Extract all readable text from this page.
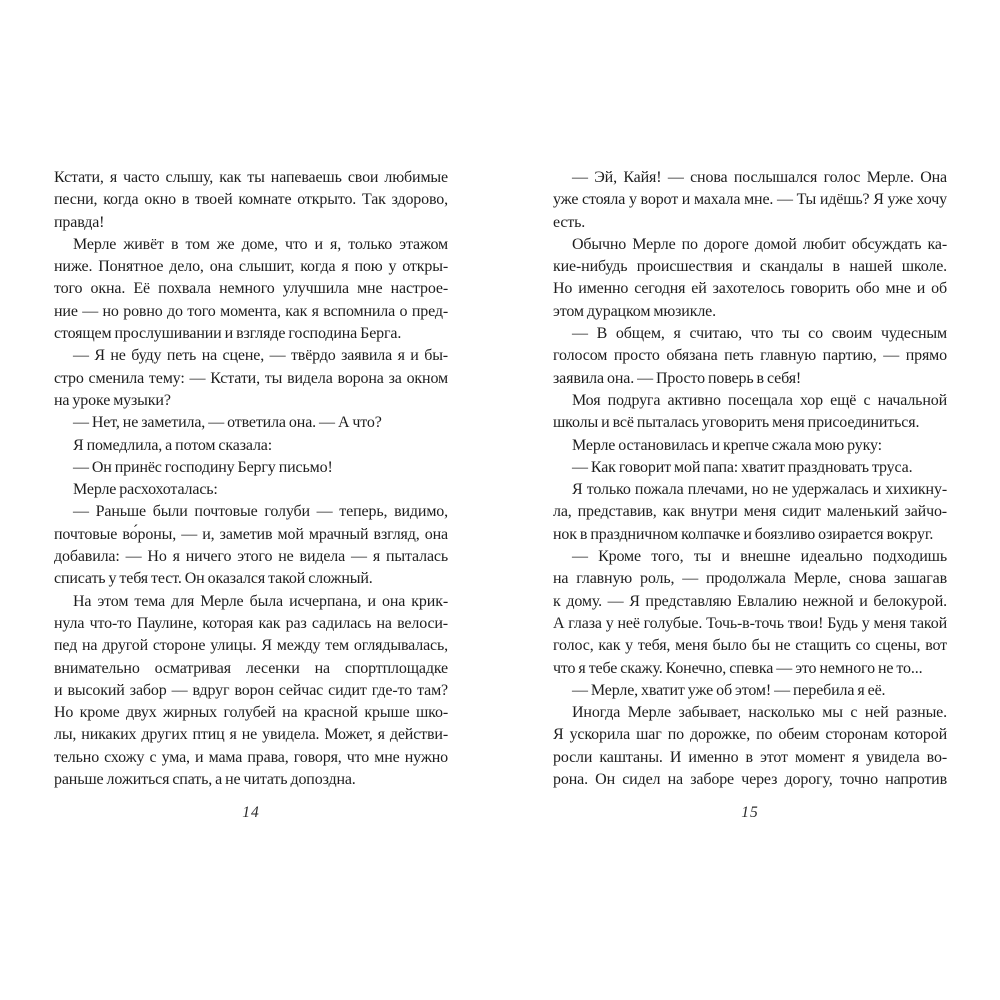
Кстати, я часто слышу, как ты напеваешь свои любимые
песни, когда окно в твоей комнате открыто. Так здорово,
правда!
Мерле живёт в том же доме, что и я, только этажом
ниже. Понятное дело, она слышит, когда я пою у откры-
того окна. Её похвала немного улучшила мне настрое-
ние — но ровно до того момента, как я вспомнила о пред-
стоящем прослушивании и взгляде господина Берга.
— Я не буду петь на сцене, — твёрдо заявила я и бы-
стро сменила тему: — Кстати, ты видела ворона за окном
на уроке музыки?
— Нет, не заметила, — ответила она. — А что?
Я помедлила, а потом сказала:
— Он принёс господину Бергу письмо!
Мерле расхохоталась:
— Раньше были почтовые голуби — теперь, видимо,
почтовые во́роны, — и, заметив мой мрачный взгляд, она
добавила: — Но я ничего этого не видела — я пыталась
списать у тебя тест. Он оказался такой сложный.
На этом тема для Мерле была исчерпана, и она крик-
нула что-то Паулине, которая как раз садилась на велоси-
пед на другой стороне улицы. Я между тем оглядывалась,
внимательно осматривая лесенки на спортплощадке
и высокий забор — вдруг ворон сейчас сидит где-то там?
Но кроме двух жирных голубей на красной крыше шко-
лы, никаких других птиц я не увидела. Может, я действи-
тельно схожу с ума, и мама права, говоря, что мне нужно
раньше ложиться спать, а не читать допоздна.
14
— Эй, Кайя! — снова послышался голос Мерле. Она
уже стояла у ворот и махала мне. — Ты идёшь? Я уже хочу
есть.
Обычно Мерле по дороге домой любит обсуждать ка-
кие-нибудь происшествия и скандалы в нашей школе.
Но именно сегодня ей захотелось говорить обо мне и об
этом дурацком мюзикле.
— В общем, я считаю, что ты со своим чудесным
голосом просто обязана петь главную партию, — прямо
заявила она. — Просто поверь в себя!
Моя подруга активно посещала хор ещё с начальной
школы и всё пыталась уговорить меня присоединиться.
Мерле остановилась и крепче сжала мою руку:
— Как говорит мой папа: хватит праздновать труса.
Я только пожала плечами, но не удержалась и хихикну-
ла, представив, как внутри меня сидит маленький зайчо-
нок в праздничном колпачке и боязливо озирается вокруг.
— Кроме того, ты и внешне идеально подходишь
на главную роль, — продолжала Мерле, снова зашагав
к дому. — Я представляю Евлалию нежной и белокурой.
А глаза у неё голубые. Точь-в-точь твои! Будь у меня такой
голос, как у тебя, меня было бы не стащить со сцены, вот
что я тебе скажу. Конечно, спевка — это немного не то...
— Мерле, хватит уже об этом! — перебила я её.
Иногда Мерле забывает, насколько мы с ней разные.
Я ускорила шаг по дорожке, по обеим сторонам которой
росли каштаны. И именно в этот момент я увидела во-
рона. Он сидел на заборе через дорогу, точно напротив
15
